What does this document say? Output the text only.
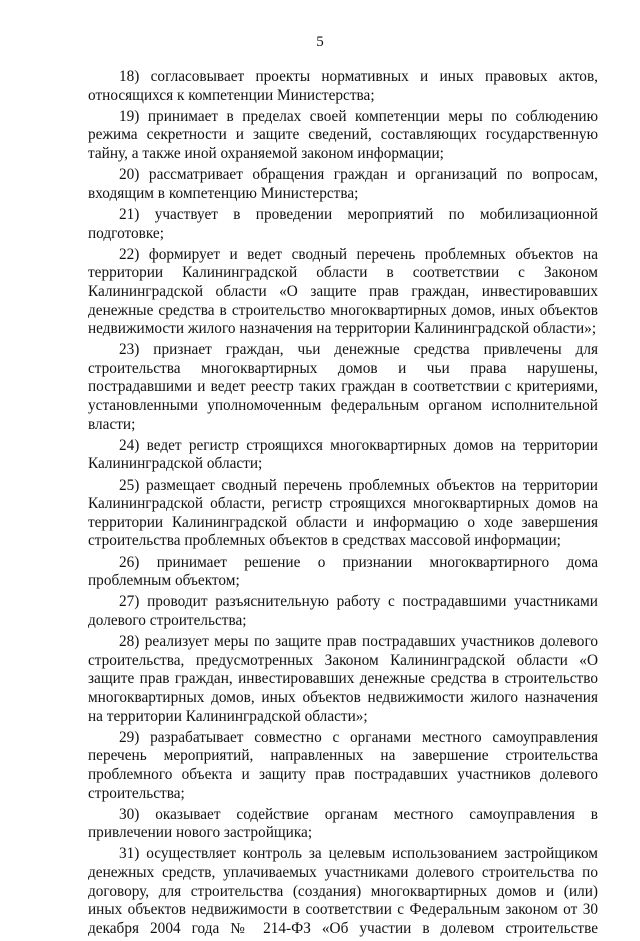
5
18) согласовывает проекты нормативных и иных правовых актов,
относящихся к компетенции Министерства;
19) принимает в пределах своей компетенции меры по соблюдению
режима секретности и защите сведений, составляющих государственную
тайну, а также иной охраняемой законом информации;
20) рассматривает обращения граждан и организаций по вопросам,
входящим в компетенцию Министерства;
21) участвует в проведении мероприятий по мобилизационной
подготовке;
22) формирует и ведет сводный перечень проблемных объектов на
территории Калининградской области в соответствии с Законом
Калининградской области «О защите прав граждан, инвестировавших
денежные средства в строительство многоквартирных домов, иных объектов
недвижимости жилого назначения на территории Калининградской области»;
23) признает граждан, чьи денежные средства привлечены для
строительства многоквартирных домов и чьи права нарушены,
пострадавшими и ведет реестр таких граждан в соответствии с критериями,
установленными уполномоченным федеральным органом исполнительной
власти;
24) ведет регистр строящихся многоквартирных домов на территории
Калининградской области;
25) размещает сводный перечень проблемных объектов на территории
Калининградской области, регистр строящихся многоквартирных домов на
территории Калининградской области и информацию о ходе завершения
строительства проблемных объектов в средствах массовой информации;
26) принимает решение о признании многоквартирного дома
проблемным объектом;
27) проводит разъяснительную работу с пострадавшими участниками
долевого строительства;
28) реализует меры по защите прав пострадавших участников долевого
строительства, предусмотренных Законом Калининградской области «О
защите прав граждан, инвестировавших денежные средства в строительство
многоквартирных домов, иных объектов недвижимости жилого назначения
на территории Калининградской области»;
29) разрабатывает совместно с органами местного самоуправления
перечень мероприятий, направленных на завершение строительства
проблемного объекта и защиту прав пострадавших участников долевого
строительства;
30) оказывает содействие органам местного самоуправления в
привлечении нового застройщика;
31) осуществляет контроль за целевым использованием застройщиком
денежных средств, уплачиваемых участниками долевого строительства по
договору, для строительства (создания) многоквартирных домов и (или)
иных объектов недвижимости в соответствии с Федеральным законом от 30
декабря 2004 года № 214-ФЗ «Об участии в долевом строительстве
